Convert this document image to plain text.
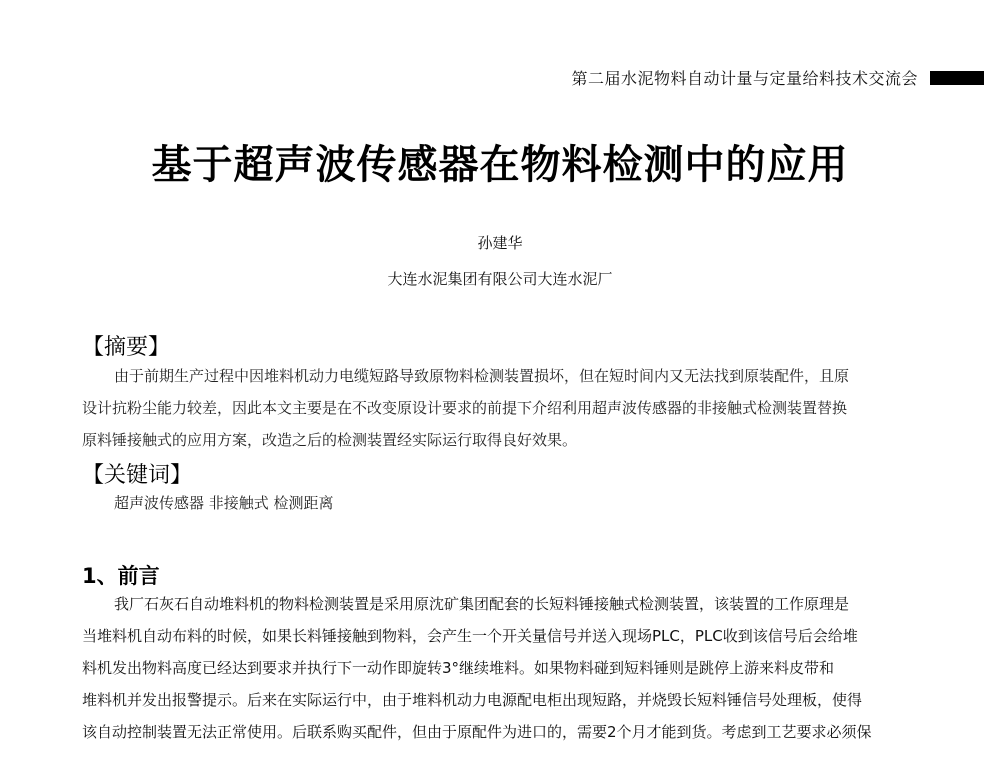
第二届水泥物料自动计量与定量给料技术交流会
基于超声波传感器在物料检测中的应用
孙建华
大连水泥集团有限公司大连水泥厂
【摘要】
由于前期生产过程中因堆料机动力电缆短路导致原物料检测装置损坏，但在短时间内又无法找到原装配件，且原
设计抗粉尘能力较差，因此本文主要是在不改变原设计要求的前提下介绍利用超声波传感器的非接触式检测装置替换
原料锤接触式的应用方案，改造之后的检测装置经实际运行取得良好效果。
【关键词】
超声波传感器 非接触式 检测距离
1、前言
我厂石灰石自动堆料机的物料检测装置是采用原沈矿集团配套的长短料锤接触式检测装置，该装置的工作原理是
当堆料机自动布料的时候，如果长料锤接触到物料，会产生一个开关量信号并送入现场PLC，PLC收到该信号后会给堆
料机发出物料高度已经达到要求并执行下一动作即旋转3°继续堆料。如果物料碰到短料锤则是跳停上游来料皮带和
堆料机并发出报警提示。后来在实际运行中，由于堆料机动力电源配电柜出现短路，并烧毁长短料锤信号处理板，使得
该自动控制装置无法正常使用。后联系购买配件，但由于原配件为进口的，需要2个月才能到货。考虑到工艺要求必须保
